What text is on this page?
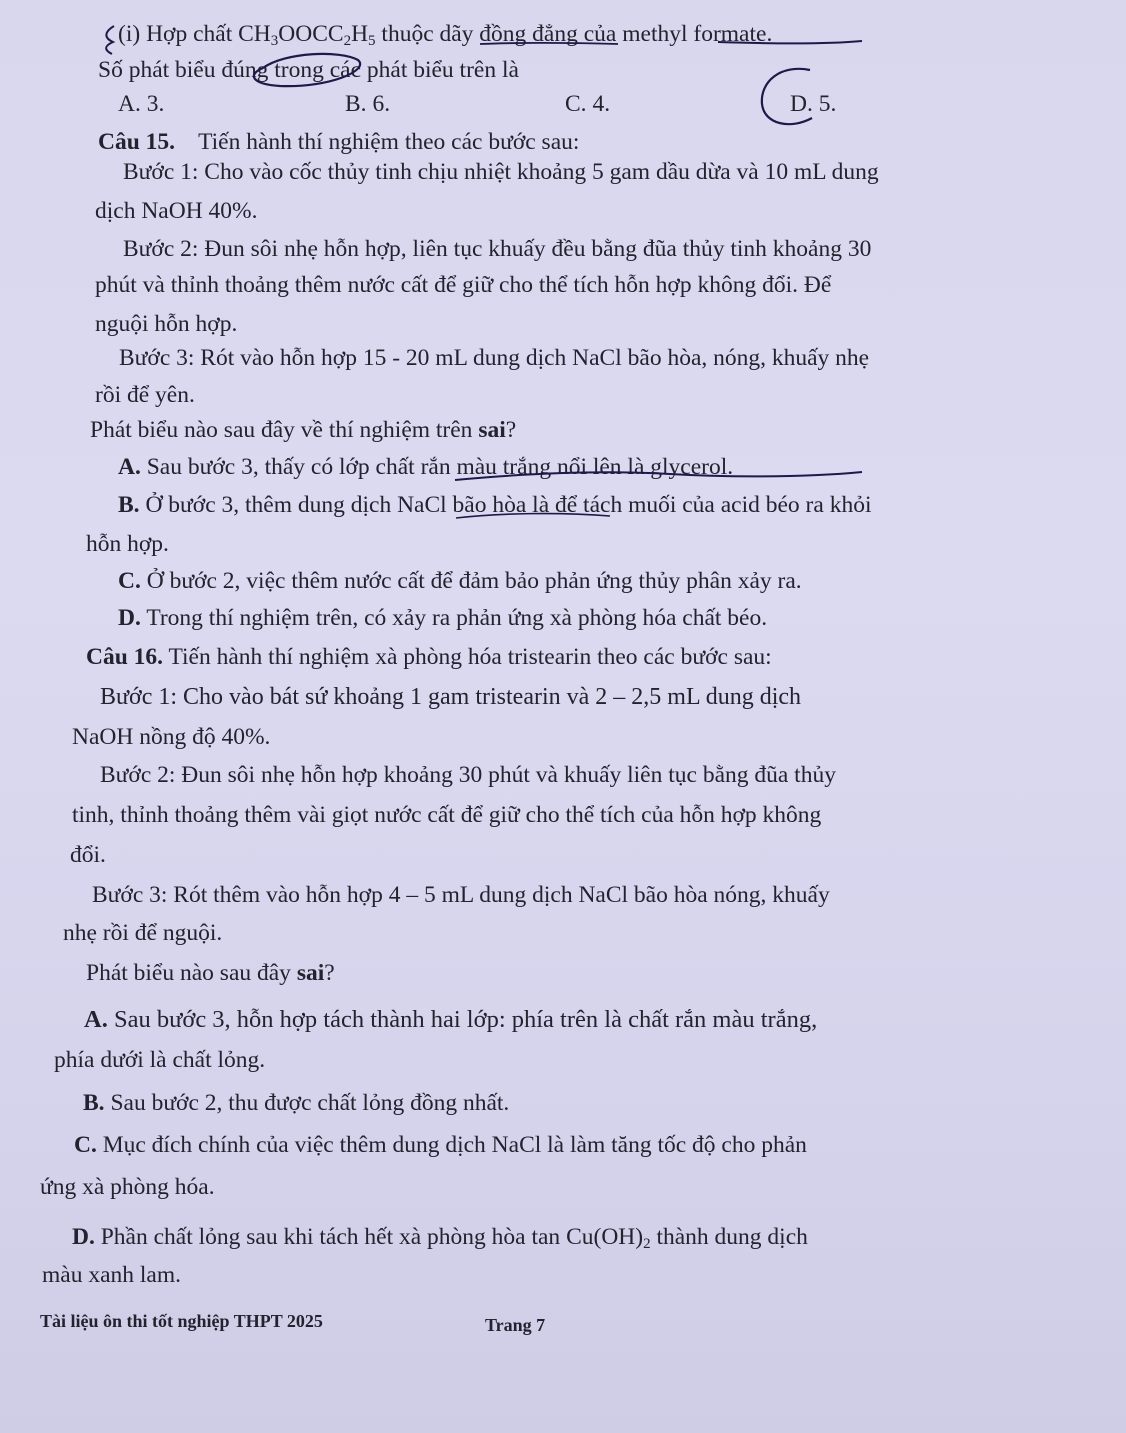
(i) Hợp chất $CH_3OOCC_2H_5$ thuộc dãy đồng đẳng của methyl formate.
Số phát biểu đúng trong các phát biểu trên là
A. 3.	B. 6.	C. 4.	D. 5.
Câu 15. Tiến hành thí nghiệm theo các bước sau:
Bước 1: Cho vào cốc thủy tinh chịu nhiệt khoảng 5 gam dầu dừa và 10 mL dung
dịch NaOH 40%.
Bước 2: Đun sôi nhẹ hỗn hợp, liên tục khuấy đều bằng đũa thủy tinh khoảng 30
phút và thỉnh thoảng thêm nước cất để giữ cho thể tích hỗn hợp không đổi. Để
nguội hỗn hợp.
Bước 3: Rót vào hỗn hợp 15 - 20 mL dung dịch NaCl bão hòa, nóng, khuấy nhẹ
rồi để yên.
Phát biểu nào sau đây về thí nghiệm trên sai?
A. Sau bước 3, thấy có lớp chất rắn màu trắng nổi lên là glycerol.
B. Ở bước 3, thêm dung dịch NaCl bão hòa là để tách muối của acid béo ra khỏi
hỗn hợp.
C. Ở bước 2, việc thêm nước cất để đảm bảo phản ứng thủy phân xảy ra.
D. Trong thí nghiệm trên, có xảy ra phản ứng xà phòng hóa chất béo.
Câu 16. Tiến hành thí nghiệm xà phòng hóa tristearin theo các bước sau:
Bước 1: Cho vào bát sứ khoảng 1 gam tristearin và 2 – 2,5 mL dung dịch
NaOH nồng độ 40%.
Bước 2: Đun sôi nhẹ hỗn hợp khoảng 30 phút và khuấy liên tục bằng đũa thủy
tinh, thỉnh thoảng thêm vài giọt nước cất để giữ cho thể tích của hỗn hợp không
đổi.
Bước 3: Rót thêm vào hỗn hợp 4 – 5 mL dung dịch NaCl bão hòa nóng, khuấy
nhẹ rồi để nguội.
Phát biểu nào sau đây sai?
A. Sau bước 3, hỗn hợp tách thành hai lớp: phía trên là chất rắn màu trắng,
phía dưới là chất lỏng.
B. Sau bước 2, thu được chất lỏng đồng nhất.
C. Mục đích chính của việc thêm dung dịch NaCl là làm tăng tốc độ cho phản
ứng xà phòng hóa.
D. Phần chất lỏng sau khi tách hết xà phòng hòa $\tan Cu(OH)_2$ thành dung dịch
màu xanh lam.
Tài liệu ôn thi tốt nghiệp THPT 2025	Trang 7
